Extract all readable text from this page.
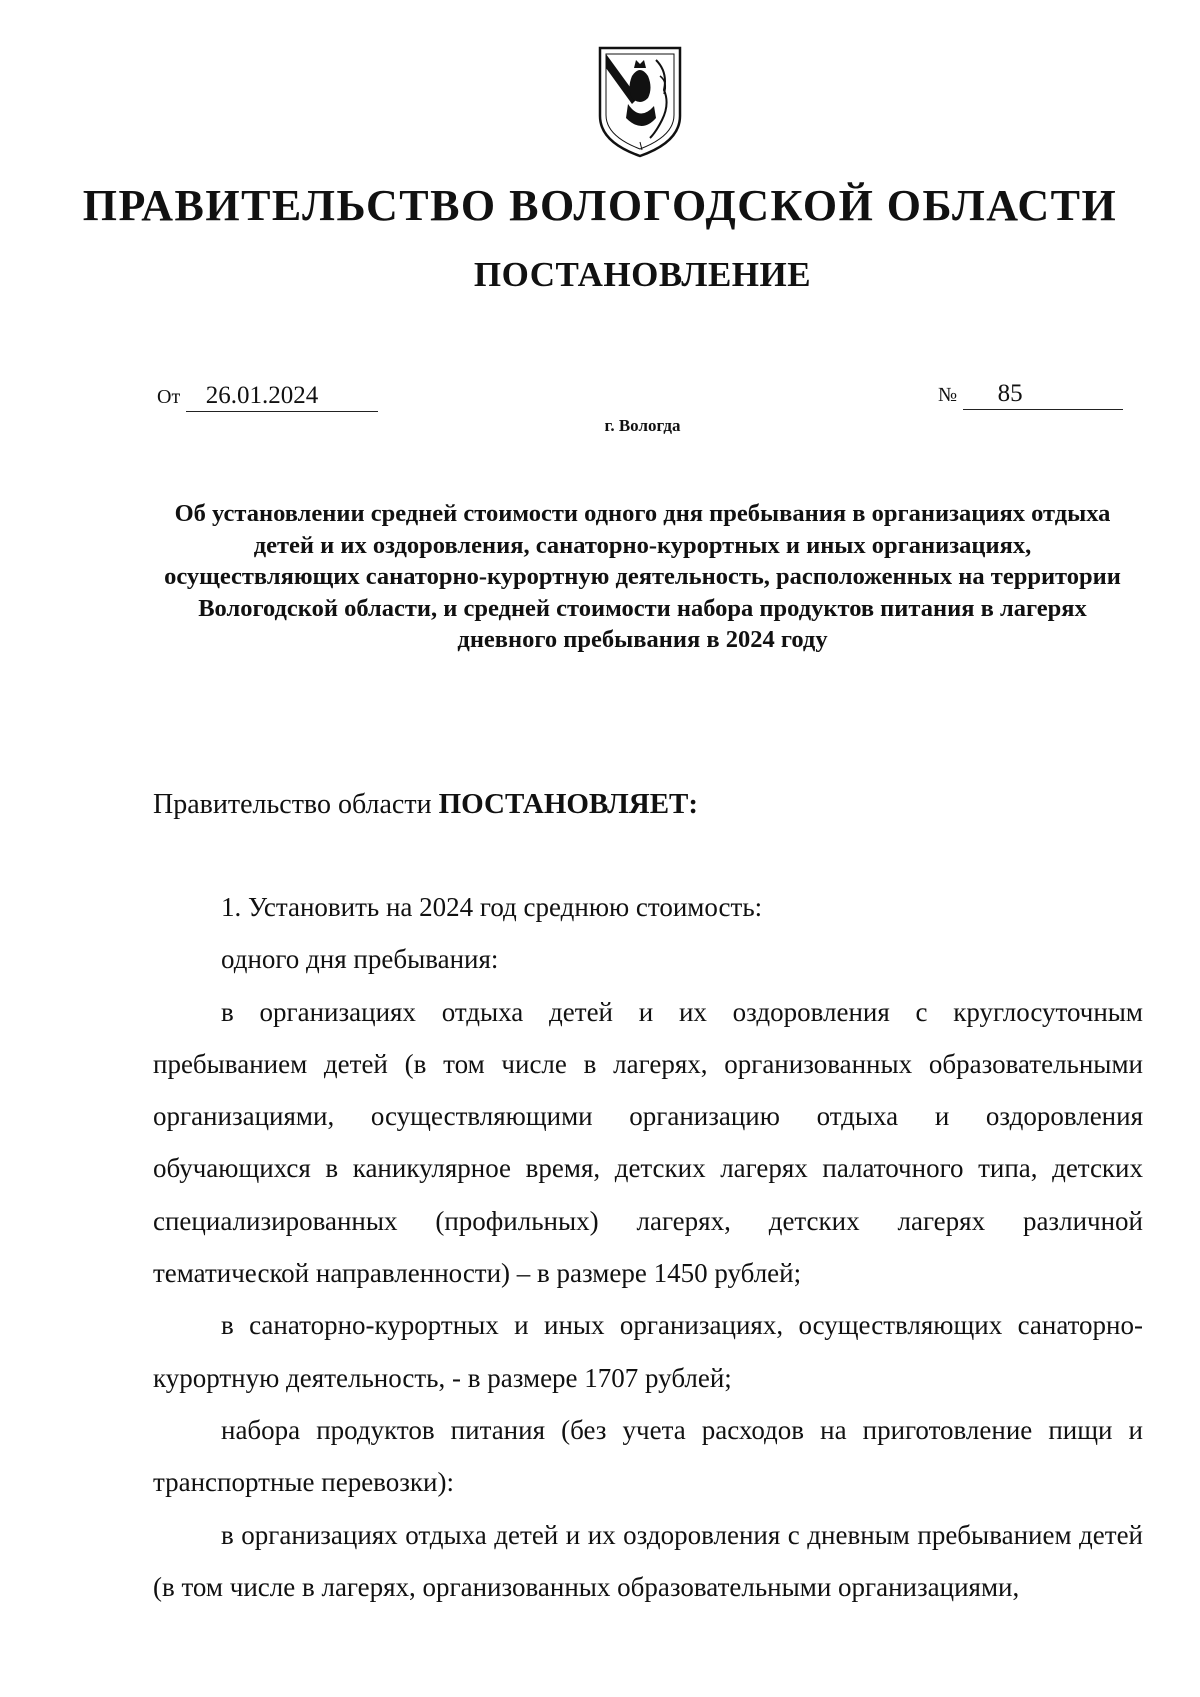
ПРАВИТЕЛЬСТВО ВОЛОГОДСКОЙ ОБЛАСТИ
ПОСТАНОВЛЕНИЕ
От 26.01.2024	№ 85
г. Вологда

Об установлении средней стоимости одного дня пребывания в организациях отдыха детей и их оздоровления, санаторно-курортных и иных организациях, осуществляющих санаторно-курортную деятельность, расположенных на территории Вологодской области, и средней стоимости набора продуктов питания в лагерях дневного пребывания в 2024 году

Правительство области ПОСТАНОВЛЯЕТ:

1. Установить на 2024 год среднюю стоимость:

одного дня пребывания:

в организациях отдыха детей и их оздоровления с круглосуточным пребыванием детей (в том числе в лагерях, организованных образовательными организациями, осуществляющими организацию отдыха и оздоровления обучающихся в каникулярное время, детских лагерях палаточного типа, детских специализированных (профильных) лагерях, детских лагерях различной тематической направленности) – в размере 1450 рублей;

в санаторно-курортных и иных организациях, осуществляющих санаторно-курортную деятельность, - в размере 1707 рублей;

набора продуктов питания (без учета расходов на приготовление пищи и транспортные перевозки):

в организациях отдыха детей и их оздоровления с дневным пребыванием детей (в том числе в лагерях, организованных образовательными организациями,
